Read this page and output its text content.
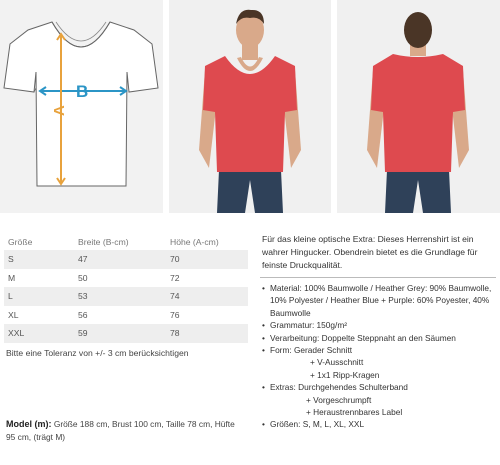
B
A
Größe	Breite (B-cm)	Höhe (A-cm)
S	47	70
M	50	72
L	53	74
XL	56	76
XXL	59	78
Bitte eine Toleranz von +/- 3 cm berücksichtigen
Model (m): Größe 188 cm, Brust 100 cm, Taille 78 cm, Hüfte 95 cm, (trägt M)
Für das kleine optische Extra: Dieses Herrenshirt ist ein wahrer Hingucker. Obendrein bietet es die Grundlage für feinste Druckqualität.
• Material: 100% Baumwolle / Heather Grey: 90% Baumwolle, 10% Polyester / Heather Blue + Purple: 60% Poyester, 40% Baumwolle
• Grammatur: 150g/m²
• Verarbeitung: Doppelte Steppnaht an den Säumen
• Form: Gerader Schnitt
+ V-Ausschnitt
+ 1x1 Ripp-Kragen
• Extras: Durchgehendes Schulterband
+ Vorgeschrumpft
+ Heraustrennbares Label
• Größen: S, M, L, XL, XXL
